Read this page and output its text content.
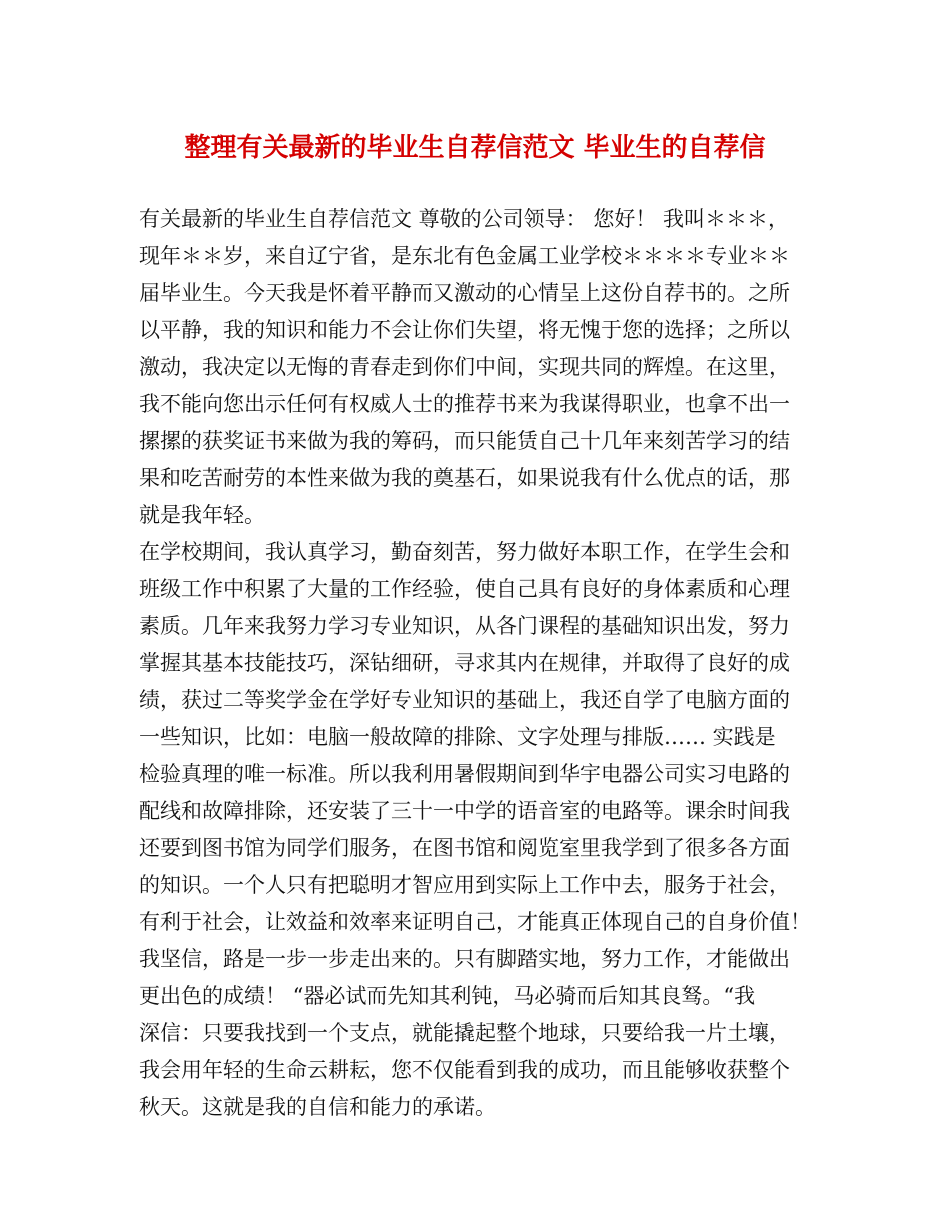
整理有关最新的毕业生自荐信范文 毕业生的自荐信
有关最新的毕业生自荐信范文 尊敬的公司领导： 您好！ 我叫＊＊＊，
现年＊＊岁，来自辽宁省，是东北有色金属工业学校＊＊＊＊专业＊＊
届毕业生。今天我是怀着平静而又激动的心情呈上这份自荐书的。之所
以平静，我的知识和能力不会让你们失望，将无愧于您的选择；之所以
激动，我决定以无悔的青春走到你们中间，实现共同的辉煌。在这里，
我不能向您出示任何有权威人士的推荐书来为我谋得职业，也拿不出一
摞摞的获奖证书来做为我的筹码，而只能赁自己十几年来刻苦学习的结
果和吃苦耐劳的本性来做为我的奠基石，如果说我有什么优点的话，那
就是我年轻。
在学校期间，我认真学习，勤奋刻苦，努力做好本职工作，在学生会和
班级工作中积累了大量的工作经验，使自己具有良好的身体素质和心理
素质。几年来我努力学习专业知识，从各门课程的基础知识出发，努力
掌握其基本技能技巧，深钻细研，寻求其内在规律，并取得了良好的成
绩，获过二等奖学金在学好专业知识的基础上，我还自学了电脑方面的
一些知识，比如：电脑一般故障的排除、文字处理与排版…… 实践是
检验真理的唯一标准。所以我利用暑假期间到华宇电器公司实习电路的
配线和故障排除，还安装了三十一中学的语音室的电路等。课余时间我
还要到图书馆为同学们服务，在图书馆和阅览室里我学到了很多各方面
的知识。一个人只有把聪明才智应用到实际上工作中去，服务于社会，
有利于社会，让效益和效率来证明自己，才能真正体现自己的自身价值！
我坚信，路是一步一步走出来的。只有脚踏实地，努力工作，才能做出
更出色的成绩！ “器必试而先知其利钝，马必骑而后知其良驽。“我
深信：只要我找到一个支点，就能撬起整个地球，只要给我一片土壤，
我会用年轻的生命云耕耘，您不仅能看到我的成功，而且能够收获整个
秋天。这就是我的自信和能力的承诺。
